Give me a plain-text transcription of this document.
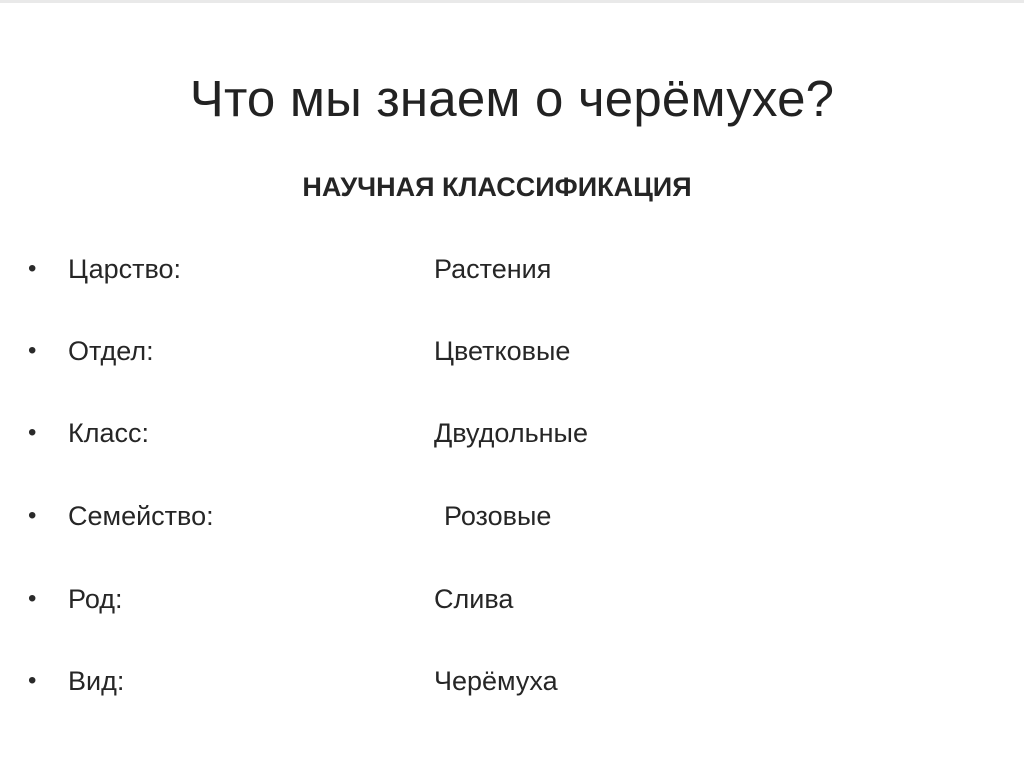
Что мы знаем о черёмухе?
НАУЧНАЯ КЛАССИФИКАЦИЯ
• Царство:	Растения
• Отдел:	Цветковые
• Класс:	Двудольные
• Семейство:	Розовые
• Род:	Слива
• Вид:	Черёмуха
